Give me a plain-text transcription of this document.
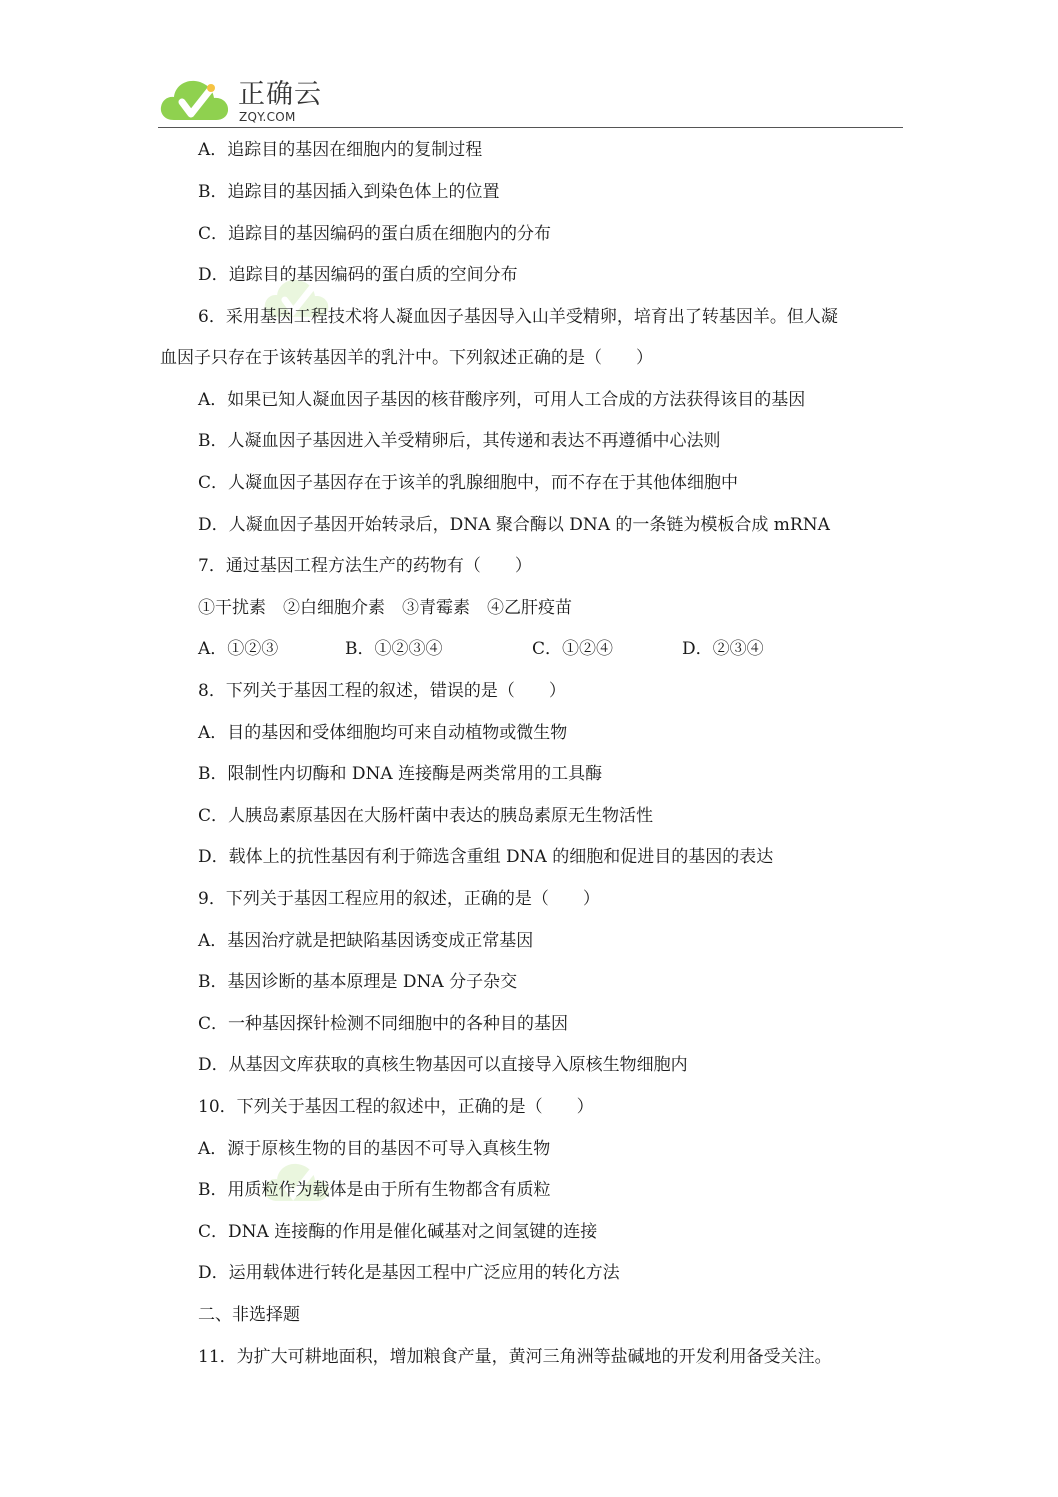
正确云
ZQY.COM
A．追踪目的基因在细胞内的复制过程
B．追踪目的基因插入到染色体上的位置
C．追踪目的基因编码的蛋白质在细胞内的分布
D．追踪目的基因编码的蛋白质的空间分布
6．采用基因工程技术将人凝血因子基因导入山羊受精卵，培育出了转基因羊。但人凝
血因子只存在于该转基因羊的乳汁中。下列叙述正确的是（　　）
A．如果已知人凝血因子基因的核苷酸序列，可用人工合成的方法获得该目的基因
B．人凝血因子基因进入羊受精卵后，其传递和表达不再遵循中心法则
C．人凝血因子基因存在于该羊的乳腺细胞中，而不存在于其他体细胞中
D．人凝血因子基因开始转录后，DNA 聚合酶以 DNA 的一条链为模板合成 mRNA
7．通过基因工程方法生产的药物有（　　）
①干扰素　②白细胞介素　③青霉素　④乙肝疫苗
A．①②③	B．①②③④	C．①②④	D．②③④
8．下列关于基因工程的叙述，错误的是（　　）
A．目的基因和受体细胞均可来自动植物或微生物
B．限制性内切酶和 DNA 连接酶是两类常用的工具酶
C．人胰岛素原基因在大肠杆菌中表达的胰岛素原无生物活性
D．载体上的抗性基因有利于筛选含重组 DNA 的细胞和促进目的基因的表达
9．下列关于基因工程应用的叙述，正确的是（　　）
A．基因治疗就是把缺陷基因诱变成正常基因
B．基因诊断的基本原理是 DNA 分子杂交
C．一种基因探针检测不同细胞中的各种目的基因
D．从基因文库获取的真核生物基因可以直接导入原核生物细胞内
10．下列关于基因工程的叙述中，正确的是（　　）
A．源于原核生物的目的基因不可导入真核生物
B．用质粒作为载体是由于所有生物都含有质粒
C．DNA 连接酶的作用是催化碱基对之间氢键的连接
D．运用载体进行转化是基因工程中广泛应用的转化方法
二、非选择题
11．为扩大可耕地面积，增加粮食产量，黄河三角洲等盐碱地的开发利用备受关注。
